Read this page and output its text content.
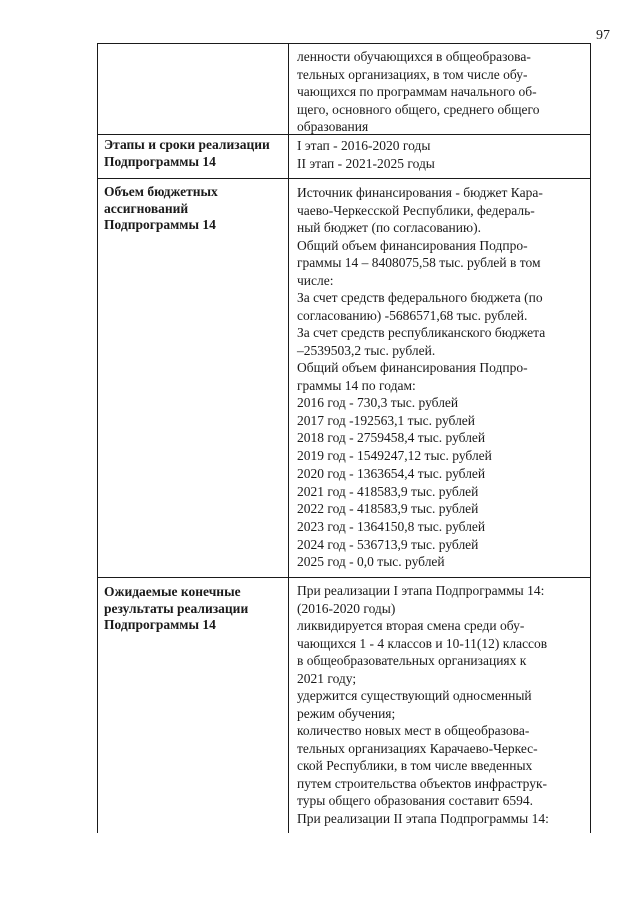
97
ленности обучающихся в общеобразова-
тельных организациях, в том числе обу-
чающихся по программам начального об-
щего, основного общего, среднего общего
образования
Этапы и сроки реализации
Подпрограммы 14
I этап - 2016-2020 годы
II этап - 2021-2025 годы
Объем бюджетных
ассигнований
Подпрограммы 14
Источник финансирования - бюджет Кара-
чаево-Черкесской Республики, федераль-
ный бюджет (по согласованию).
Общий объем финансирования Подпро-
граммы 14 – 8408075,58 тыс. рублей в том
числе:
За счет средств федерального бюджета (по
согласованию) -5686571,68 тыс. рублей.
За счет средств республиканского бюджета
–2539503,2 тыс. рублей.
Общий объем финансирования Подпро-
граммы 14 по годам:
2016 год - 730,3 тыс. рублей
2017 год -192563,1 тыс. рублей
2018 год - 2759458,4 тыс. рублей
2019 год - 1549247,12 тыс. рублей
2020 год - 1363654,4 тыс. рублей
2021 год - 418583,9 тыс. рублей
2022 год - 418583,9 тыс. рублей
2023 год - 1364150,8 тыс. рублей
2024 год - 536713,9 тыс. рублей
2025 год - 0,0 тыс. рублей
Ожидаемые конечные
результаты реализации
Подпрограммы 14
При реализации I этапа Подпрограммы 14:
(2016-2020 годы)
ликвидируется вторая смена среди обу-
чающихся 1 - 4 классов и 10-11(12) классов
в общеобразовательных организациях к
2021 году;
удержится существующий односменный
режим обучения;
количество новых мест в общеобразова-
тельных организациях Карачаево-Черкес-
ской Республики, в том числе введенных
путем строительства объектов инфраструк-
туры общего образования составит 6594.
При реализации II этапа Подпрограммы 14:
